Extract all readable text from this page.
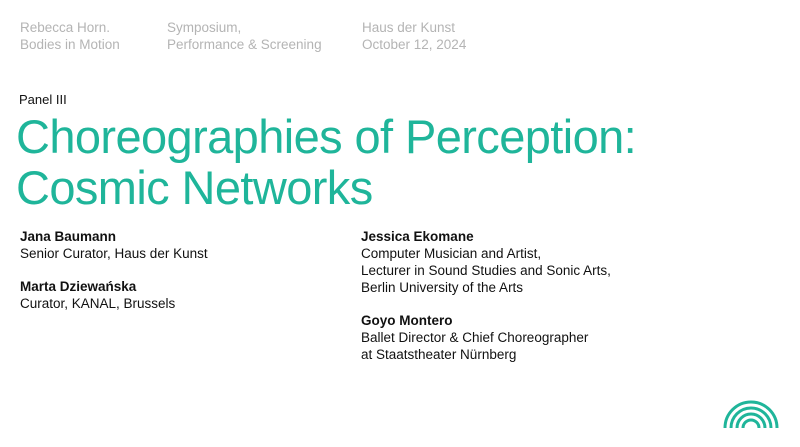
Rebecca Horn.
Bodies in Motion
Symposium,
Performance & Screening
Haus der Kunst
October 12, 2024
Panel III
Choreographies of Perception:
Cosmic Networks
Jana Baumann
Senior Curator, Haus der Kunst
Marta Dziewańska
Curator, KANAL, Brussels
Jessica Ekomane
Computer Musician and Artist,
Lecturer in Sound Studies and Sonic Arts,
Berlin University of the Arts
Goyo Montero
Ballet Director & Chief Choreographer
at Staatstheater Nürnberg
